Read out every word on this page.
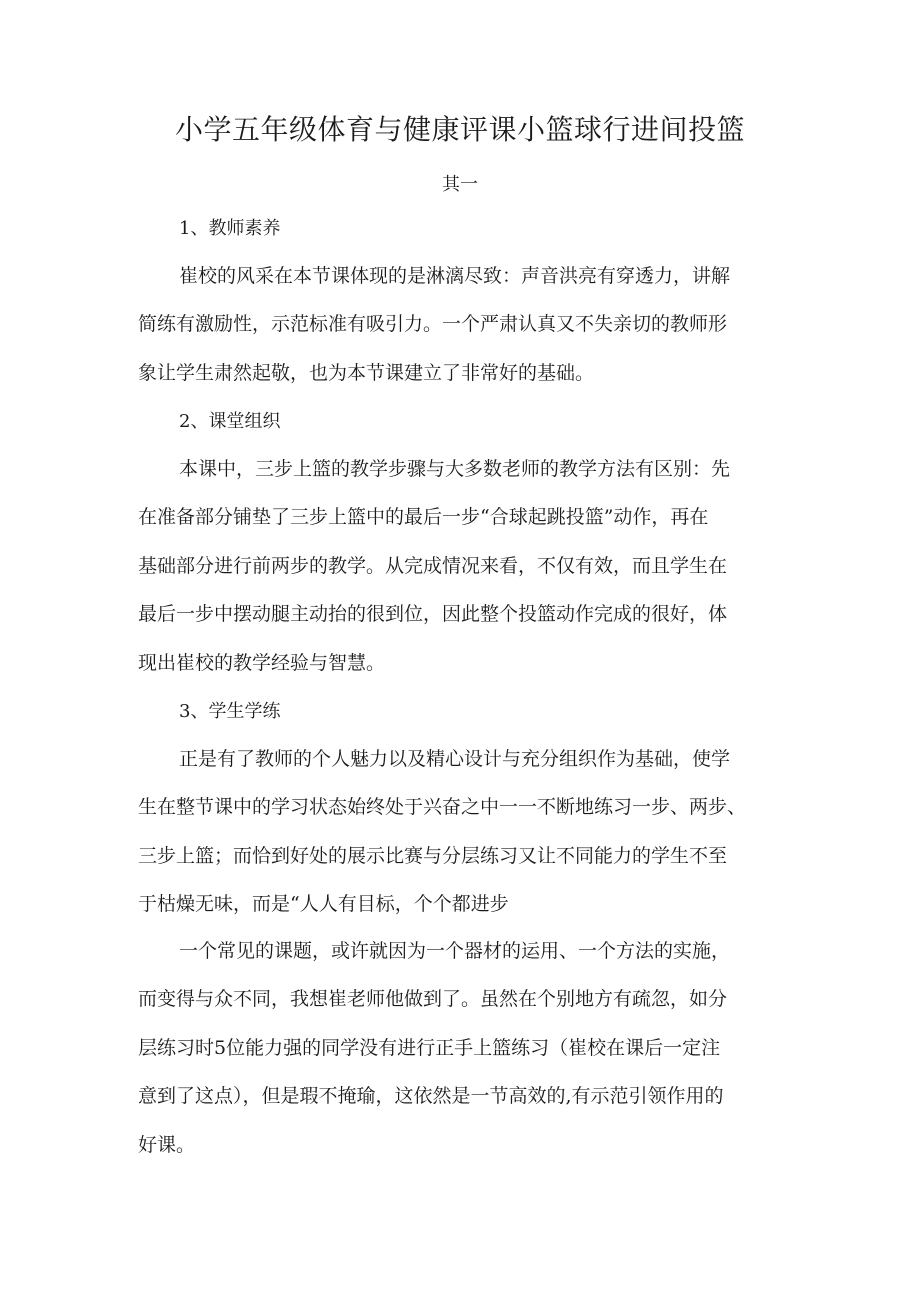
小学五年级体育与健康评课小篮球行进间投篮
其一
1、教师素养
崔校的风采在本节课体现的是淋漓尽致：声音洪亮有穿透力，讲解
简练有激励性，示范标准有吸引力。一个严肃认真又不失亲切的教师形
象让学生肃然起敬，也为本节课建立了非常好的基础。
2、课堂组织
本课中，三步上篮的教学步骤与大多数老师的教学方法有区别：先
在准备部分铺垫了三步上篮中的最后一步“合球起跳投篮”动作，再在
基础部分进行前两步的教学。从完成情况来看，不仅有效，而且学生在
最后一步中摆动腿主动抬的很到位，因此整个投篮动作完成的很好，体
现出崔校的教学经验与智慧。
3、学生学练
正是有了教师的个人魅力以及精心设计与充分组织作为基础，使学
生在整节课中的学习状态始终处于兴奋之中一一不断地练习一步、两步、
三步上篮；而恰到好处的展示比赛与分层练习又让不同能力的学生不至
于枯燥无味，而是“人人有目标，个个都进步
一个常见的课题，或许就因为一个器材的运用、一个方法的实施，
而变得与众不同，我想崔老师他做到了。虽然在个别地方有疏忽，如分
层练习时5位能力强的同学没有进行正手上篮练习（崔校在课后一定注
意到了这点），但是瑕不掩瑜，这依然是一节高效的,有示范引领作用的
好课。
